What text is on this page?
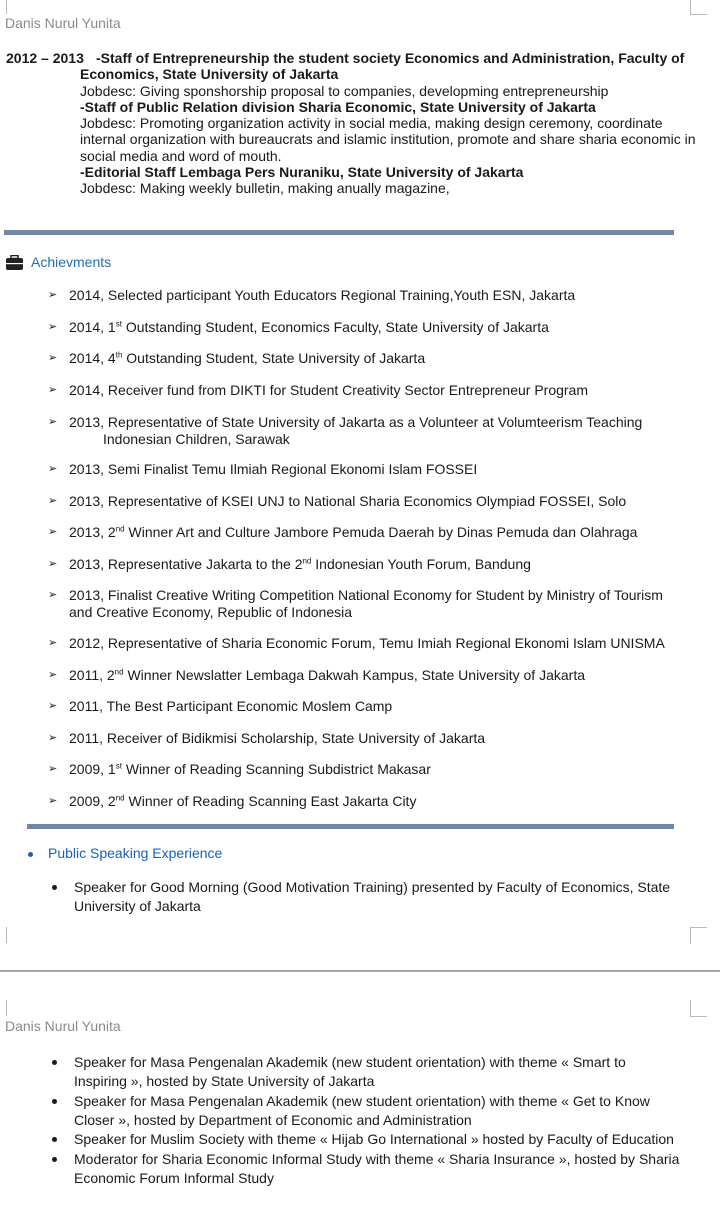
Danis Nurul Yunita
2012 – 2013 -Staff of Entrepreneurship the student society Economics and Administration, Faculty of Economics, State University of Jakarta
Jobdesc: Giving sponshorship proposal to companies, developming entrepreneurship
-Staff of Public Relation division Sharia Economic, State University of Jakarta
Jobdesc: Promoting organization activity in social media, making design ceremony, coordinate internal organization with bureaucrats and islamic institution, promote and share sharia economic in social media and word of mouth.
-Editorial Staff Lembaga Pers Nuraniku, State University of Jakarta
Jobdesc: Making weekly bulletin, making anually magazine,
Achievments
➢ 2014, Selected participant Youth Educators Regional Training,Youth ESN, Jakarta
➢ 2014, 1st Outstanding Student, Economics Faculty, State University of Jakarta
➢ 2014, 4th Outstanding Student, State University of Jakarta
➢ 2014, Receiver fund from DIKTI for Student Creativity Sector Entrepreneur Program
➢ 2013, Representative of State University of Jakarta as a Volunteer at Volumteerism Teaching
Indonesian Children, Sarawak
➢ 2013, Semi Finalist Temu Ilmiah Regional Ekonomi Islam FOSSEI
➢ 2013, Representative of KSEI UNJ to National Sharia Economics Olympiad FOSSEI, Solo
➢ 2013, 2nd Winner Art and Culture Jambore Pemuda Daerah by Dinas Pemuda dan Olahraga
➢ 2013, Representative Jakarta to the 2nd Indonesian Youth Forum, Bandung
➢ 2013, Finalist Creative Writing Competition National Economy for Student by Ministry of Tourism and Creative Economy, Republic of Indonesia
➢ 2012, Representative of Sharia Economic Forum, Temu Imiah Regional Ekonomi Islam UNISMA
➢ 2011, 2nd Winner Newslatter Lembaga Dakwah Kampus, State University of Jakarta
➢ 2011, The Best Participant Economic Moslem Camp
➢ 2011, Receiver of Bidikmisi Scholarship, State University of Jakarta
➢ 2009, 1st Winner of Reading Scanning Subdistrict Makasar
➢ 2009, 2nd Winner of Reading Scanning East Jakarta City
Public Speaking Experience
Speaker for Good Morning (Good Motivation Training) presented by Faculty of Economics, State University of Jakarta
Danis Nurul Yunita
Speaker for Masa Pengenalan Akademik (new student orientation) with theme « Smart to Inspiring », hosted by State University of Jakarta
Speaker for Masa Pengenalan Akademik (new student orientation) with theme « Get to Know Closer », hosted by Department of Economic and Administration
Speaker for Muslim Society with theme « Hijab Go International » hosted by Faculty of Education
Moderator for Sharia Economic Informal Study with theme « Sharia Insurance », hosted by Sharia Economic Forum Informal Study
